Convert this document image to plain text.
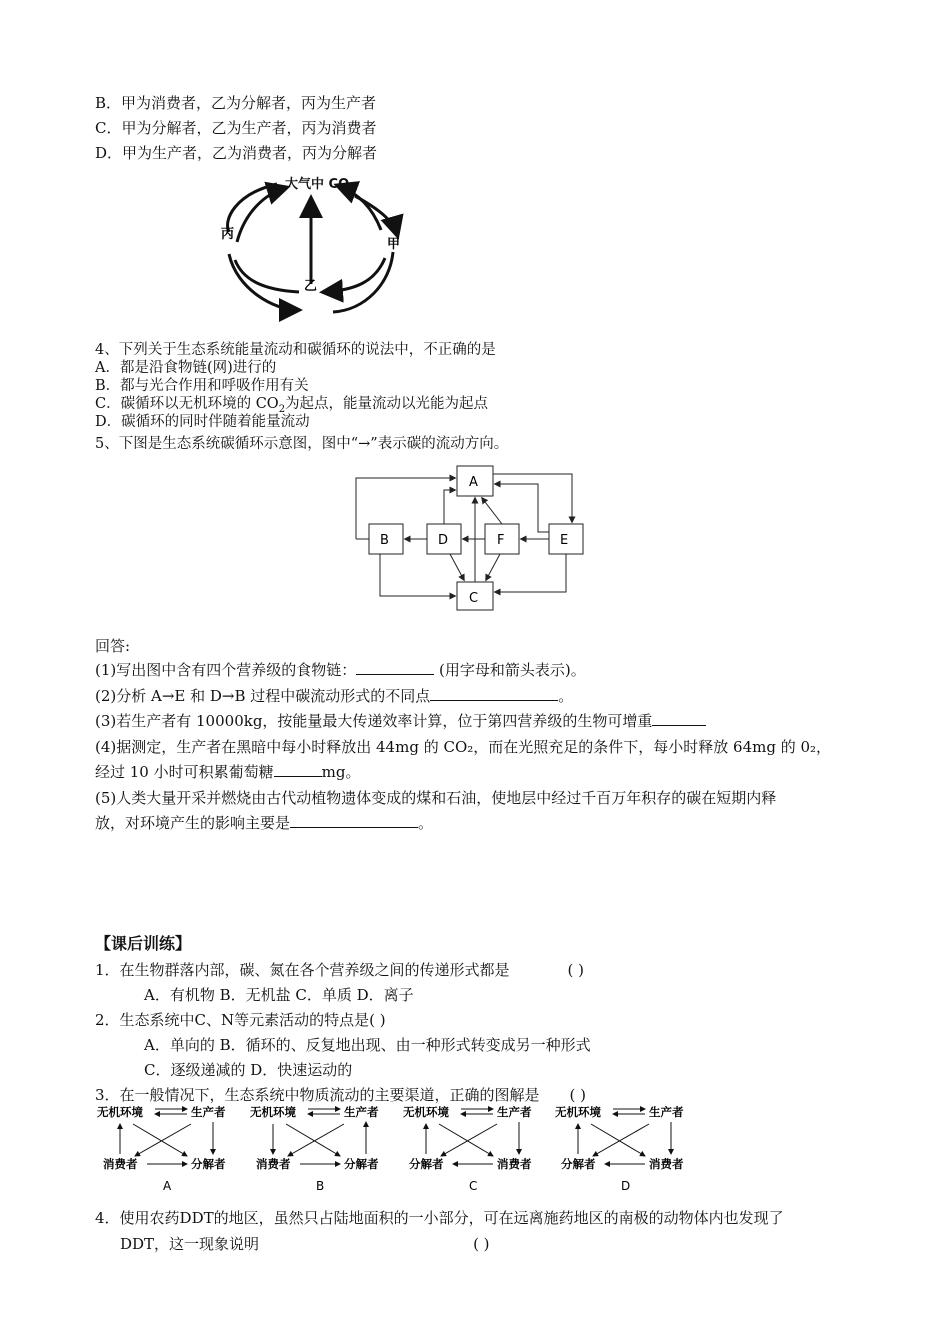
B．甲为消费者，乙为分解者，丙为生产者
C．甲为分解者，乙为生产者，丙为消费者
D．甲为生产者，乙为消费者，丙为分解者
大气中 $CO_2$
丙
甲
乙
4、下列关于生态系统能量流动和碳循环的说法中，不正确的是
A．都是沿食物链(网)进行的
B．都与光合作用和呼吸作用有关
C．碳循环以无机环境的 $CO_2$为起点，能量流动以光能为起点
D．碳循环的同时伴随着能量流动
5、下图是生态系统碳循环示意图，图中“→”表示碳的流动方向。
A
B	D	F	E
C
回答:
(1)写出图中含有四个营养级的食物链：	(用字母和箭头表示)。
(2)分析 A→E 和 D→B 过程中碳流动形式的不同点	。
(3)若生产者有 10000kg，按能量最大传递效率计算，位于第四营养级的生物可增重
(4)据测定，生产者在黑暗中每小时释放出 44mg 的 CO₂，而在光照充足的条件下，每小时释放 64mg 的 0₂，
经过 10 小时可积累葡萄糖	mg。
(5)人类大量开采并燃烧由古代动植物遗体变成的煤和石油，使地层中经过千百万年积存的碳在短期内释
放，对环境产生的影响主要是	。
【课后训练】
1．在生物群落内部，碳、氮在各个营养级之间的传递形式都是	( )
A．有机物 B．无机盐 C．单质 D．离子
2．生态系统中C、N等元素活动的特点是( )
A．单向的 B．循环的、反复地出现、由一种形式转变成另一种形式
C．逐级递减的 D．快速运动的
3．在一般情况下，生态系统中物质流动的主要渠道，正确的图解是 ( )
无机环境	生产者
消费者	分解者
A
无机环境	生产者
消费者	分解者
B
无机环境	生产者
分解者	消费者
C
无机环境	生产者
分解者	消费者
D
4．使用农药DDT的地区，虽然只占陆地面积的一小部分，可在远离施药地区的南极的动物体内也发现了
DDT，这一现象说明	( )
